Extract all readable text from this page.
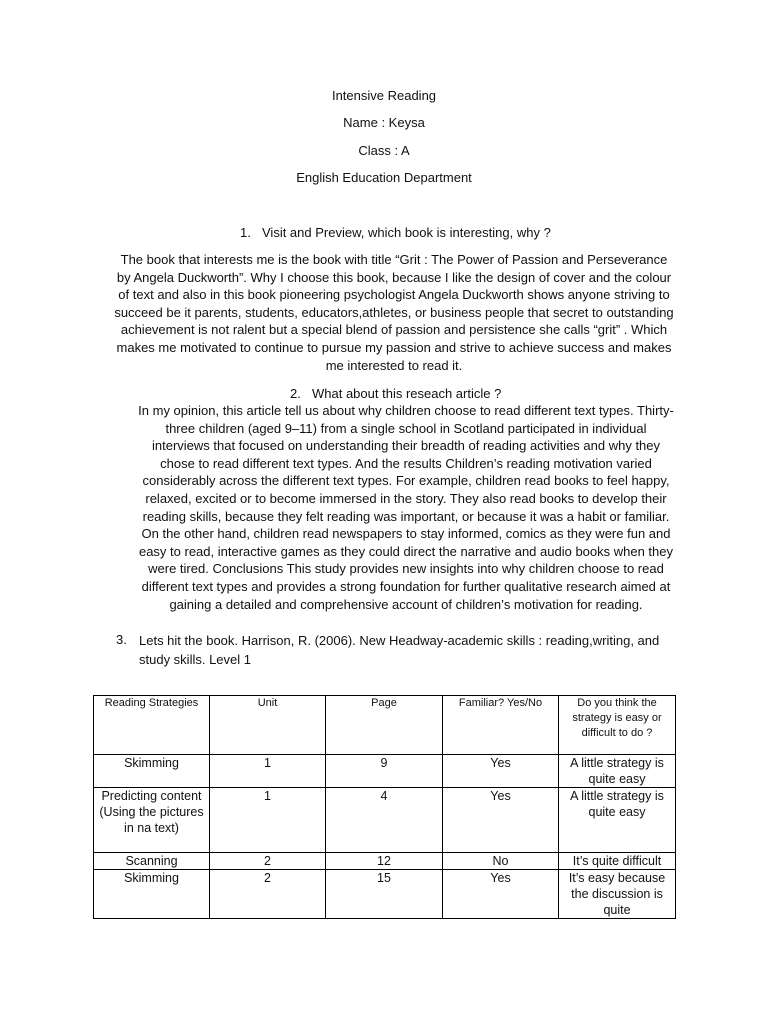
Intensive Reading
Name : Keysa
Class : A
English Education Department
1. Visit and Preview, which book is interesting, why ?
The book that interests me is the book with title “Grit : The Power of Passion and Perseverance by Angela Duckworth”. Why I choose this book, because I like the design of cover and the colour of text and also in this book pioneering psychologist Angela Duckworth shows anyone striving to succeed be it parents, students, educators,athletes, or business people that secret to outstanding achievement is not ralent but a special blend of passion and persistence she calls “grit” . Which makes me motivated to continue to pursue my passion and strive to achieve success and makes me interested to read it.
2. What about this reseach article ?
In my opinion, this article tell us about why children choose to read different text types. Thirty-three children (aged 9–11) from a single school in Scotland participated in individual interviews that focused on understanding their breadth of reading activities and why they chose to read different text types. And the results Children’s reading motivation varied considerably across the different text types. For example, children read books to feel happy, relaxed, excited or to become immersed in the story. They also read books to develop their reading skills, because they felt reading was important, or because it was a habit or familiar. On the other hand, children read newspapers to stay informed, comics as they were fun and easy to read, interactive games as they could direct the narrative and audio books when they were tired. Conclusions This study provides new insights into why children choose to read different text types and provides a strong foundation for further qualitative research aimed at gaining a detailed and comprehensive account of children’s motivation for reading.
3. Lets hit the book. Harrison, R. (2006). New Headway-academic skills : reading,writing, and study skills. Level 1
Reading Strategies	Unit	Page	Familiar? Yes/No	Do you think the strategy is easy or difficult to do ?
Skimming	1	9	Yes	A little strategy is quite easy
Predicting content (Using the pictures in na text)	1	4	Yes	A little strategy is quite easy
Scanning	2	12	No	It’s quite difficult
Skimming	2	15	Yes	It’s easy because the discussion is quite
